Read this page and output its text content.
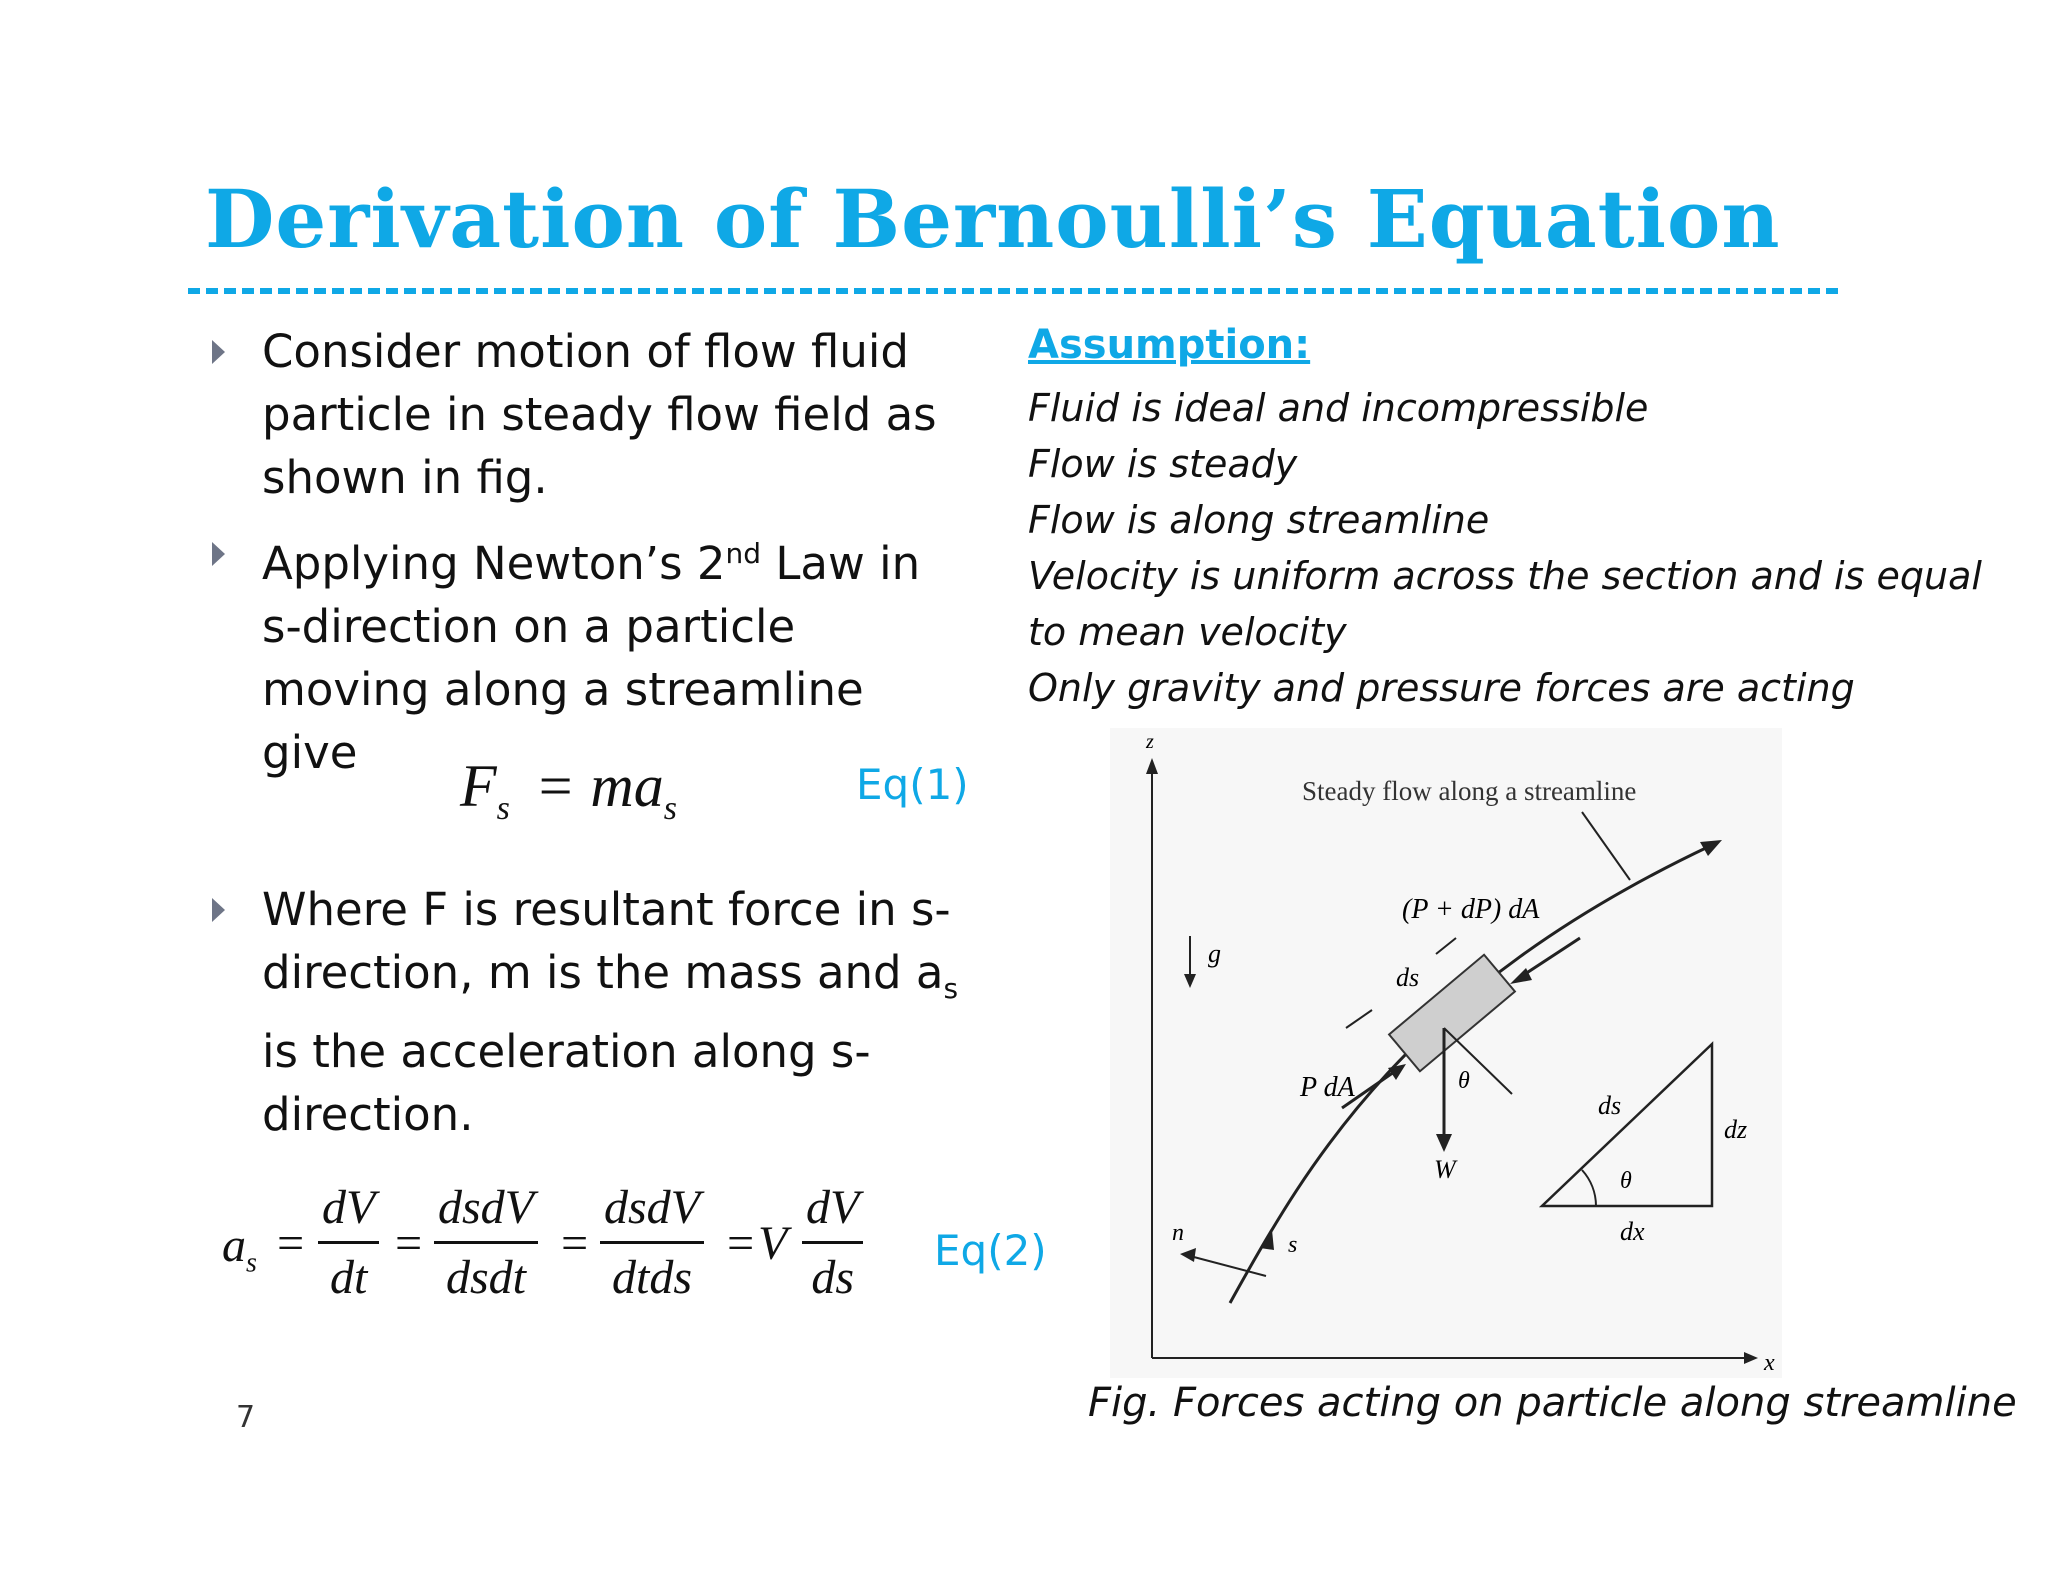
Derivation of Bernoulli’s Equation
Consider motion of flow fluid particle in steady flow field as shown in fig.
Applying Newton’s 2nd Law in s-direction on a particle moving along a streamline give
Where F is resultant force in s-direction, m is the mass and $a_s$ is the acceleration along s-direction.
$F_s = ma_s$	Eq(1)
$a_s = \frac{dV}{dt}$ =
dsdV
dsdt
=
dsdV
dtds
= V $\frac{dV}{ds} Eq(2)$
Assumption:
Fluid is ideal and incompressible
Flow is steady
Flow is along streamline
Velocity is uniform across the section and is equal
to mean velocity
Only gravity and pressure forces are acting
x
z
Steady flow along a streamline
(P + dP) dA
ds
P dA
W
θ
g
n	s
θ
ds
dz
dx
Fig. Forces acting on particle along streamline
7
